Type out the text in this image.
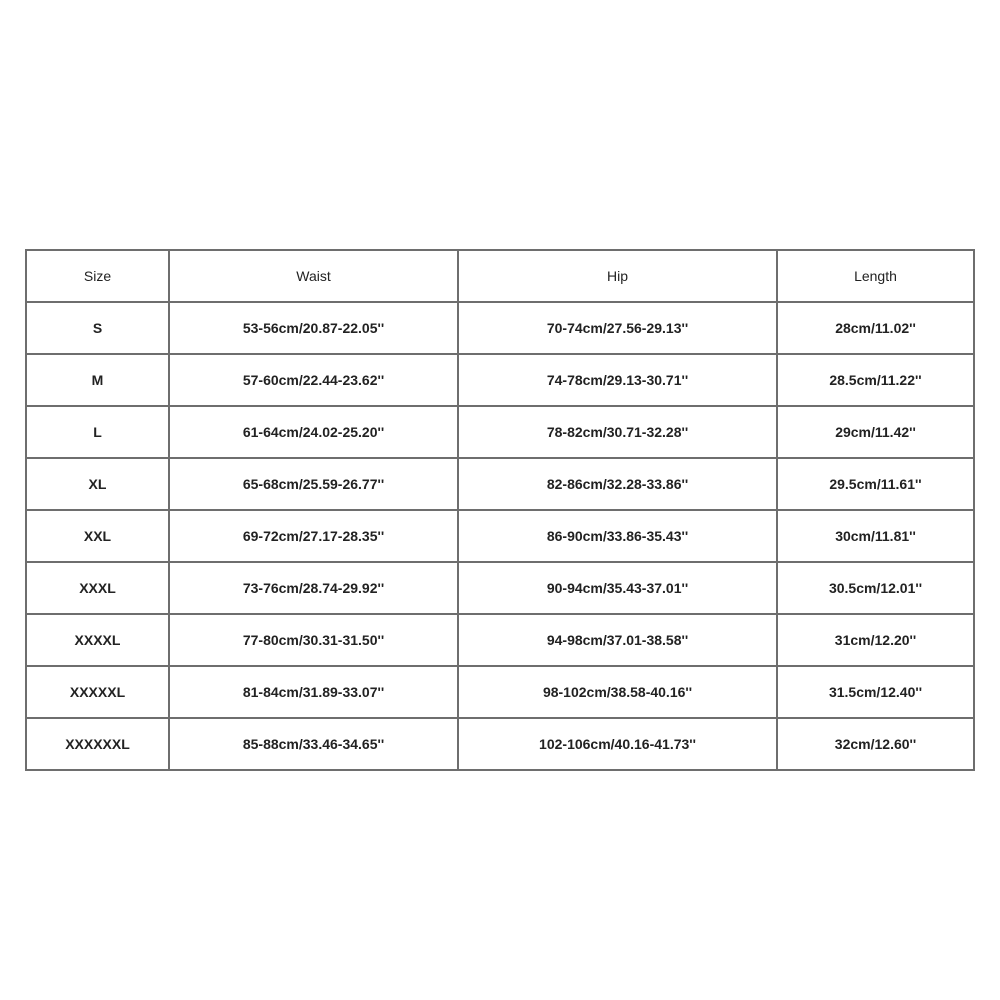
Size	Waist	Hip	Length
S	53-56cm/20.87-22.05''	70-74cm/27.56-29.13''	28cm/11.02''
M	57-60cm/22.44-23.62''	74-78cm/29.13-30.71''	28.5cm/11.22''
L	61-64cm/24.02-25.20''	78-82cm/30.71-32.28''	29cm/11.42''
XL	65-68cm/25.59-26.77''	82-86cm/32.28-33.86''	29.5cm/11.61''
XXL	69-72cm/27.17-28.35''	86-90cm/33.86-35.43''	30cm/11.81''
XXXL	73-76cm/28.74-29.92''	90-94cm/35.43-37.01''	30.5cm/12.01''
XXXXL	77-80cm/30.31-31.50''	94-98cm/37.01-38.58''	31cm/12.20''
XXXXXL	81-84cm/31.89-33.07''	98-102cm/38.58-40.16''	31.5cm/12.40''
XXXXXXL	85-88cm/33.46-34.65''	102-106cm/40.16-41.73''	32cm/12.60''
